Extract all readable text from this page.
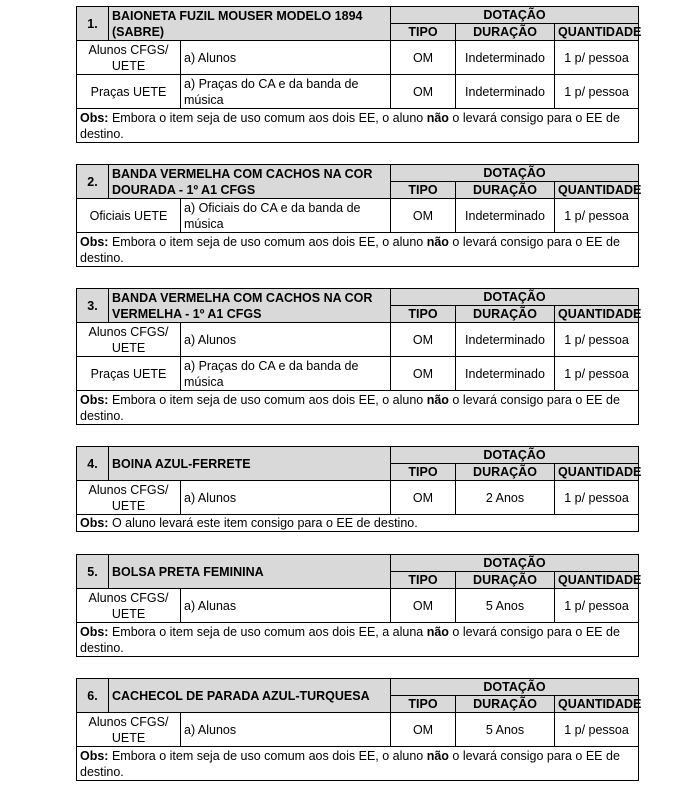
1.	BAIONETA FUZIL MOUSER MODELO 1894 (SABRE)		DOTAÇÃO		
			TIPO	DURAÇÃO	QUANTIDADE
Alunos CFGS/ UETE		a) Alunos	OM	Indeterminado	1 p/ pessoa
Praças UETE		a) Praças do CA e da banda de música	OM	Indeterminado	1 p/ pessoa
Obs: Embora o item seja de uso comum aos dois EE, o aluno não o levará consigo para o EE de destino.					
2.	BANDA VERMELHA COM CACHOS NA COR DOURADA - 1º A1 CFGS		DOTAÇÃO		
			TIPO	DURAÇÃO	QUANTIDADE
Oficiais UETE		a) Oficiais do CA e da banda de música	OM	Indeterminado	1 p/ pessoa
Obs: Embora o item seja de uso comum aos dois EE, o aluno não o levará consigo para o EE de destino.					
3.	BANDA VERMELHA COM CACHOS NA COR VERMELHA - 1º A1 CFGS		DOTAÇÃO		
			TIPO	DURAÇÃO	QUANTIDADE
Alunos CFGS/ UETE		a) Alunos	OM	Indeterminado	1 p/ pessoa
Praças UETE		a) Praças do CA e da banda de música	OM	Indeterminado	1 p/ pessoa
Obs: Embora o item seja de uso comum aos dois EE, o aluno não o levará consigo para o EE de destino.					
4.	BOINA AZUL-FERRETE		DOTAÇÃO		
			TIPO	DURAÇÃO	QUANTIDADE
Alunos CFGS/ UETE		a) Alunos	OM	2 Anos	1 p/ pessoa
Obs: O aluno levará este item consigo para o EE de destino.					
5.	BOLSA PRETA FEMININA		DOTAÇÃO		
			TIPO	DURAÇÃO	QUANTIDADE
Alunos CFGS/ UETE		a) Alunas	OM	5 Anos	1 p/ pessoa
Obs: Embora o item seja de uso comum aos dois EE, a aluna não o levará consigo para o EE de destino.					
6.	CACHECOL DE PARADA AZUL-TURQUESA		DOTAÇÃO		
			TIPO	DURAÇÃO	QUANTIDADE
Alunos CFGS/ UETE		a) Alunos	OM	5 Anos	1 p/ pessoa
Obs: Embora o item seja de uso comum aos dois EE, o aluno não o levará consigo para o EE de destino.					
